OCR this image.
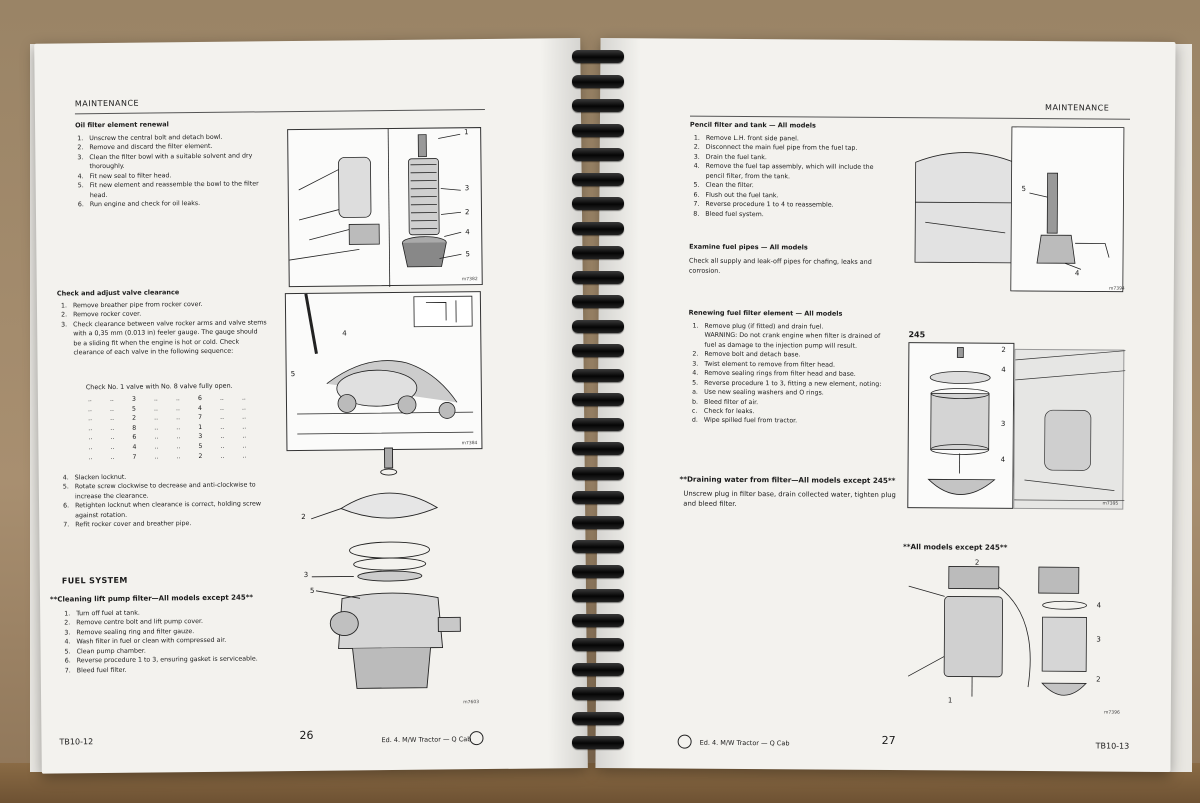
MAINTENANCE
Oil filter element renewal
1. Unscrew the central bolt and detach bowl.
2. Remove and discard the filter element.
3. Clean the filter bowl with a suitable solvent and dry thoroughly.
4. Fit new seal to filter head.
5. Fit new element and reassemble the bowl to the filter head.
6. Run engine and check for oil leaks.
1
3
2
4
5
m7382
Check and adjust valve clearance
1. Remove breather pipe from rocker cover.
2. Remove rocker cover.
3. Check clearance between valve rocker arms and valve stems with a 0,35 mm (0.013 in) feeler gauge. The gauge should be a sliding fit when the engine is hot or cold. Check clearance of each valve in the following sequence:
Check No. 1 valve with No. 8 valve fully open.
..	..	3	..	..	6	..	..
..	..	5	..	..	4	..	..
..	..	2	..	..	7	..	..
..	..	8	..	..	1	..	..
..	..	6	..	..	3	..	..
..	..	4	..	..	5	..	..
..	..	7	..	..	2	..	..
4. Slacken locknut.
5. Rotate screw clockwise to decrease and anti-clockwise to increase the clearance.
6. Retighten locknut when clearance is correct, holding screw against rotation.
7. Refit rocker cover and breather pipe.
4
5
m7384
FUEL SYSTEM
**Cleaning lift pump filter—All models except 245**
1. Turn off fuel at tank.
2. Remove centre bolt and lift pump cover.
3. Remove sealing ring and filter gauze.
4. Wash filter in fuel or clean with compressed air.
5. Clean pump chamber.
6. Reverse procedure 1 to 3, ensuring gasket is serviceable.
7. Bleed fuel filter.
2
3
5
m7603
TB10-12	26	Ed. 4. M/W Tractor — Q Cab
MAINTENANCE
Pencil filter and tank — All models
1. Remove L.H. front side panel.
2. Disconnect the main fuel pipe from the fuel tap.
3. Drain the fuel tank.
4. Remove the fuel tap assembly, which will include the pencil filter, from the tank.
5. Clean the filter.
6. Flush out the fuel tank.
7. Reverse procedure 1 to 4 to reassemble.
8. Bleed fuel system.
5
4
m7394
Examine fuel pipes — All models
Check all supply and leak-off pipes for chafing, leaks and corrosion.
Renewing fuel filter element — All models
1. Remove plug (if fitted) and drain fuel.
WARNING: Do not crank engine when filter is drained of fuel as damage to the injection pump will result.
2. Remove bolt and detach base.
3. Twist element to remove from filter head.
4. Remove sealing rings from filter head and base.
5. Reverse procedure 1 to 3, fitting a new element, noting:
a. Use new sealing washers and O rings.
b. Bleed filter of air.
c.	Check for leaks.
d. Wipe spilled fuel from tractor.
245
2
4
3
4
m7395
**Draining water from filter—All models except 245**
Unscrew plug in filter base, drain collected water, tighten plug and bleed filter.
**All models except 245**
2
4
3
2
1
m7396
Ed. 4. M/W Tractor — Q Cab	27	TB10-13
